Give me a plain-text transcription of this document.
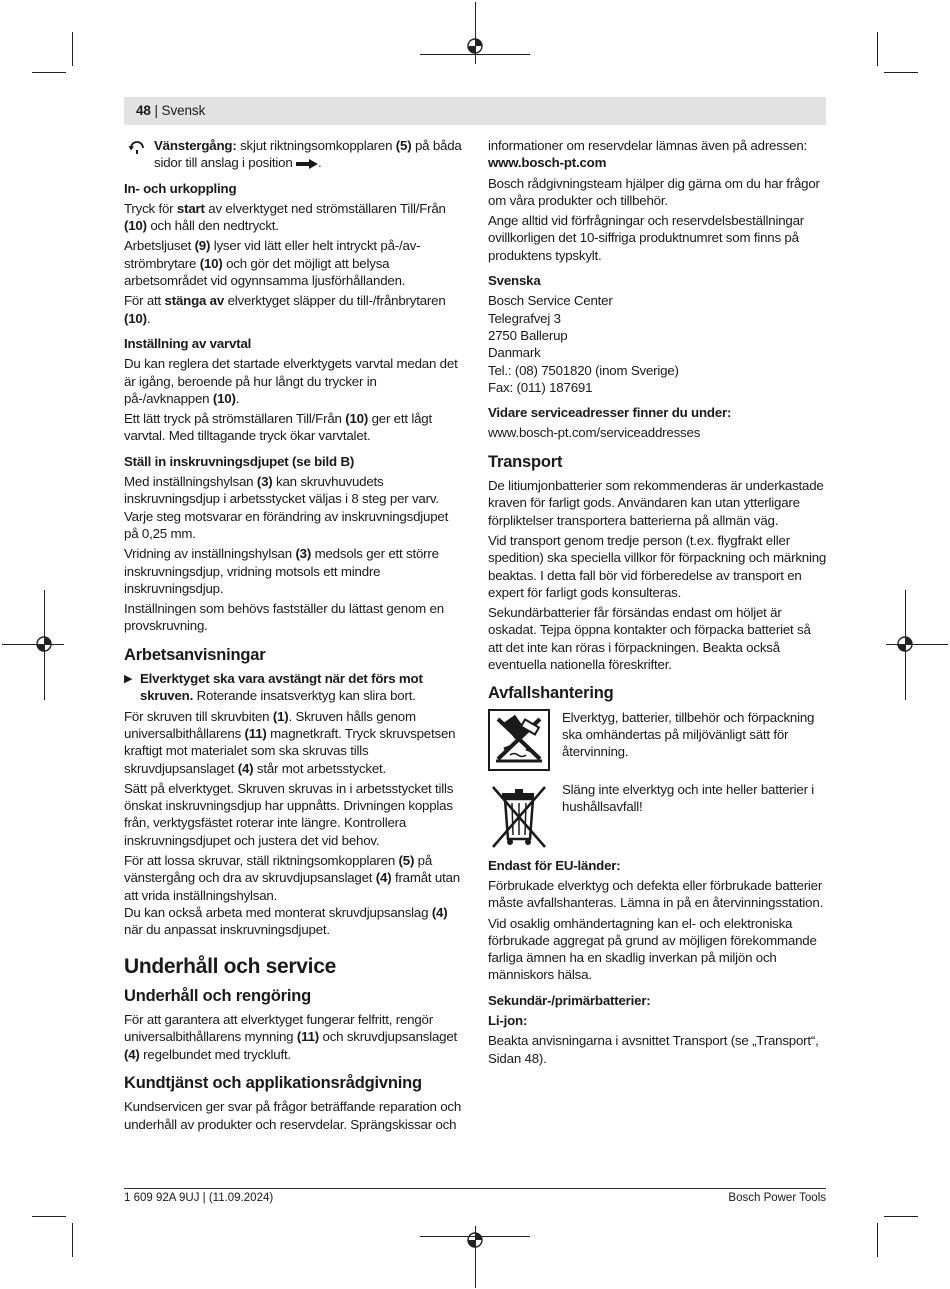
48 | Svensk

Vänstergång: skjut riktningsomkopplaren (5) på båda sidor till anslag i position .

In- och urkoppling

Tryck för start av elverktyget ned strömställaren Till/Från (10) och håll den nedtryckt.

Arbetsljuset (9) lyser vid lätt eller helt intryckt på-/av-strömbrytare (10) och gör det möjligt att belysa arbetsområdet vid ogynnsamma ljusförhållanden.

För att stänga av elverktyget släpper du till-/frånbrytaren (10).

Inställning av varvtal

Du kan reglera det startade elverktygets varvtal medan det är igång, beroende på hur långt du trycker in på-/avknappen (10).

Ett lätt tryck på strömställaren Till/Från (10) ger ett lågt varvtal. Med tilltagande tryck ökar varvtalet.

Ställ in inskruvningsdjupet (se bild B)

Med inställningshylsan (3) kan skruvhuvudets inskruvningsdjup i arbetsstycket väljas i 8 steg per varv. Varje steg motsvarar en förändring av inskruvningsdjupet på 0,25 mm.

Vridning av inställningshylsan (3) medsols ger ett större inskruvningsdjup, vridning motsols ett mindre inskruvningsdjup.

Inställningen som behövs fastställer du lättast genom en provskruvning.

Arbetsanvisningar

▶ Elverktyget ska vara avstängt när det förs mot skruven. Roterande insatsverktyg kan slira bort.

För skruven till skruvbiten (1). Skruven hålls genom universalbithållarens (11) magnetkraft. Tryck skruvspetsen kraftigt mot materialet som ska skruvas tills skruvdjupsanslaget (4) står mot arbetsstycket.

Sätt på elverktyget. Skruven skruvas in i arbetsstycket tills önskat inskruvningsdjup har uppnåtts. Drivningen kopplas från, verktygsfästet roterar inte längre. Kontrollera inskruvningsdjupet och justera det vid behov.

För att lossa skruvar, ställ riktningsomkopplaren (5) på vänstergång och dra av skruvdjupsanslaget (4) framåt utan att vrida inställningshylsan.

Du kan också arbeta med monterat skruvdjupsanslag (4) när du anpassat inskruvningsdjupet.

Underhåll och service
Underhåll och rengöring

För att garantera att elverktyget fungerar felfritt, rengör universalbithållarens mynning (11) och skruvdjupsanslaget (4) regelbundet med tryckluft.

Kundtjänst och applikationsrådgivning

Kundservicen ger svar på frågor beträffande reparation och underhåll av produkter och reservdelar. Sprängskissar och

informationer om reservdelar lämnas även på adressen: www.bosch-pt.com

Bosch rådgivningsteam hjälper dig gärna om du har frågor om våra produkter och tillbehör.

Ange alltid vid förfrågningar och reservdelsbeställningar ovillkorligen det 10-siffriga produktnumret som finns på produktens typskylt.

Svenska

Bosch Service Center

Telegrafvej 3

2750 Ballerup

Danmark

Tel.: (08) 7501820 (inom Sverige)

Fax: (011) 187691

Vidare serviceadresser finner du under:

www.bosch-pt.com/serviceaddresses

Transport

De litiumjonbatterier som rekommenderas är underkastade kraven för farligt gods. Användaren kan utan ytterligare förpliktelser transportera batterierna på allmän väg.

Vid transport genom tredje person (t.ex. flygfrakt eller spedition) ska speciella villkor för förpackning och märkning beaktas. I detta fall bör vid förberedelse av transport en expert för farligt gods konsulteras.

Sekundärbatterier får försändas endast om höljet är oskadat. Tejpa öppna kontakter och förpacka batteriet så att det inte kan röras i förpackningen. Beakta också eventuella nationella föreskrifter.

Avfallshantering

Elverktyg, batterier, tillbehör och förpackning ska omhändertas på miljövänligt sätt för återvinning.

Släng inte elverktyg och inte heller batterier i hushållsavfall!

Endast för EU-länder:

Förbrukade elverktyg och defekta eller förbrukade batterier måste avfallshanteras. Lämna in på en återvinningsstation.

Vid osaklig omhändertagning kan el- och elektroniska förbrukade aggregat på grund av möjligen förekommande farliga ämnen ha en skadlig inverkan på miljön och människors hälsa.

Sekundär-/primärbatterier:
Li-jon:

Beakta anvisningarna i avsnittet Transport (se „Transport“, Sidan 48).

1 609 92A 9UJ | (11.09.2024)	Bosch Power Tools
